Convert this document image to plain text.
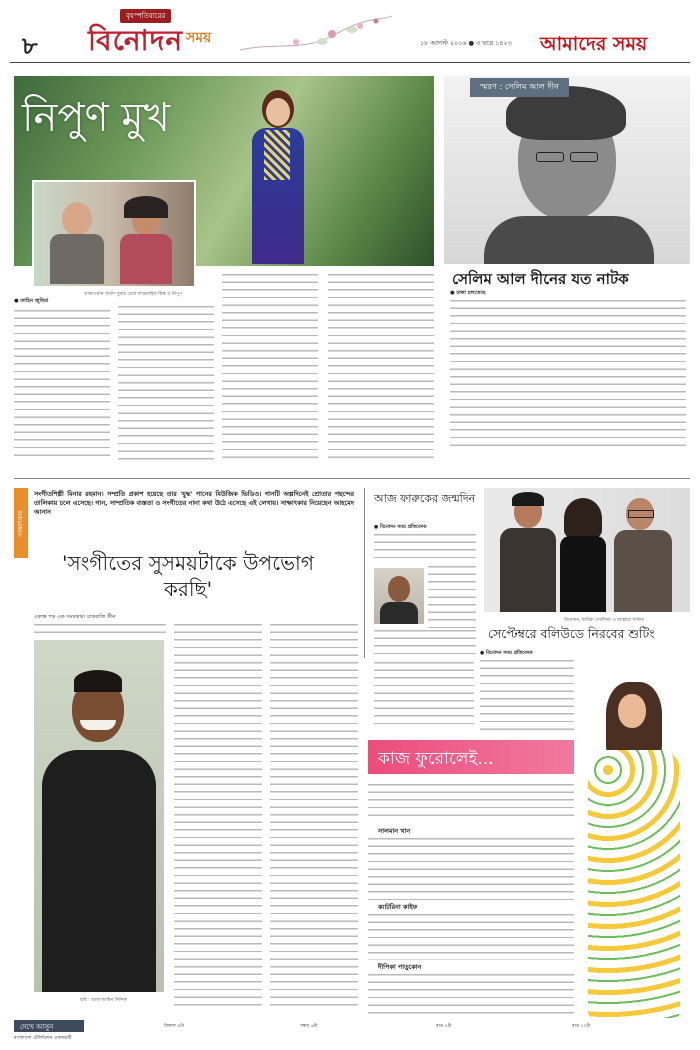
৮
বৃহস্পতিবারের
বিনোদন সময়	১৮ আগস্ট ২০১৬ ● ৩ ভাদ্র ১৪২৩ আমাদের সময়
নিপুণ মুখ
তাকাওয়ান অর্থাৎ দুবার রেখে লাভলাইফ দ্বিস্ক ও নিপুণ
● তাহিন জুবিয়া
স্মরণ : সেলিম আল দীন
সেলিম আল দীনের যত নাটক
● ঢাকা চলতেছে
সাক্ষাৎকার
সংগীতশিল্পী মিনার রহমান। সম্প্রতি প্রকাশ হয়েছে তার 'যুদ্ধ' গানের মিউজিক ভিডিও। গানটি অল্পদিনেই শ্রোতার পছন্দের তালিকায় চলে এসেছে। গান, সাম্প্রতিক ব্যস্ততা ও সংগীতের নানা কথা উঠে এসেছে এই লেখায়। সাক্ষাৎকার নিয়েছেন আহমেদ আনান
'সংগীতের সুসময়টাকে উপভোগ করছি'
একান্ত পড় এক সময়কার। চাকরাজি খীন
ছবি : আল আমিন সিদ্দিক
আজ ফারুকের জন্মদিন
● বিনোদন সময় প্রতিবেদক
বিনোদন, ছাবিয়া দেবলিনা ও আল্লারা শাতির
সেপ্টেম্বরে বলিউডে নিরবের শুটিং
● বিনোদন সময় প্রতিবেদক
কাজ ফুরোলেই...
সালমান খান
ক্যাটরিনা কাইফ
দীপিকা পাড়ুকোন
দেখে আসুন
বাংলাদেশ টেলিভিশন একাত্তরটি
বিকাল ৪টা	সন্ধ্যা ৬টা	রাত ৮টা	রাত ১০টা
